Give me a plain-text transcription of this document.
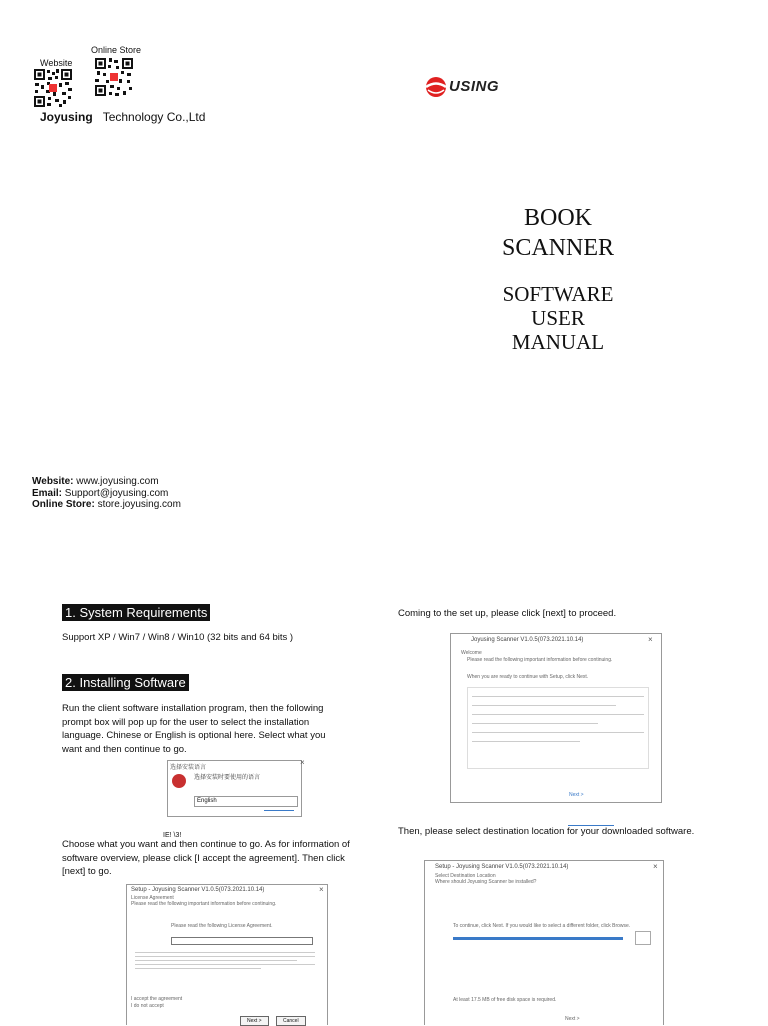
Website
Online Store
Joyusing Technology Co.,Ltd
USING
BOOK
SCANNER
SOFTWARE
USER
MANUAL
Website: www.joyusing.com
Email: Support@joyusing.com
Online Store: store.joyusing.com
1. System Requirements
Support XP / Win7 / Win8 / Win10 (32 bits and 64 bits )
2. Installing Software
Run the client software installation program, then the following prompt box will pop up for the user to select the installation language. Chinese or English is optional here. Select what you want and then continue to go.
选择安装语言
选择安装时要使用的语言
English
×
IE! \3!
Choose what you want and then continue to go. As for information of software overview, please click [I accept the agreement]. Then click [next] to go.
Setup - Joyusing Scanner V1.0.5(073.2021.10.14)	×
License Agreement
Please read the following important information before continuing.
Please read the following License Agreement.
I accept the agreement
I do not accept
Next >	Cancel
Coming to the set up, please click [next] to proceed.
Joyusing Scanner V1.0.5(073.2021.10.14)	×
Welcome
Please read the following important information before continuing.
When you are ready to continue with Setup, click Next.
Next >
Then, please select destination location for your downloaded software.
Setup - Joyusing Scanner V1.0.5(073.2021.10.14)	×
Select Destination Location
Where should Joyusing Scanner be installed?
To continue, click Next. If you would like to select a different folder, click Browse.
At least 17.5 MB of free disk space is required.
Next >
